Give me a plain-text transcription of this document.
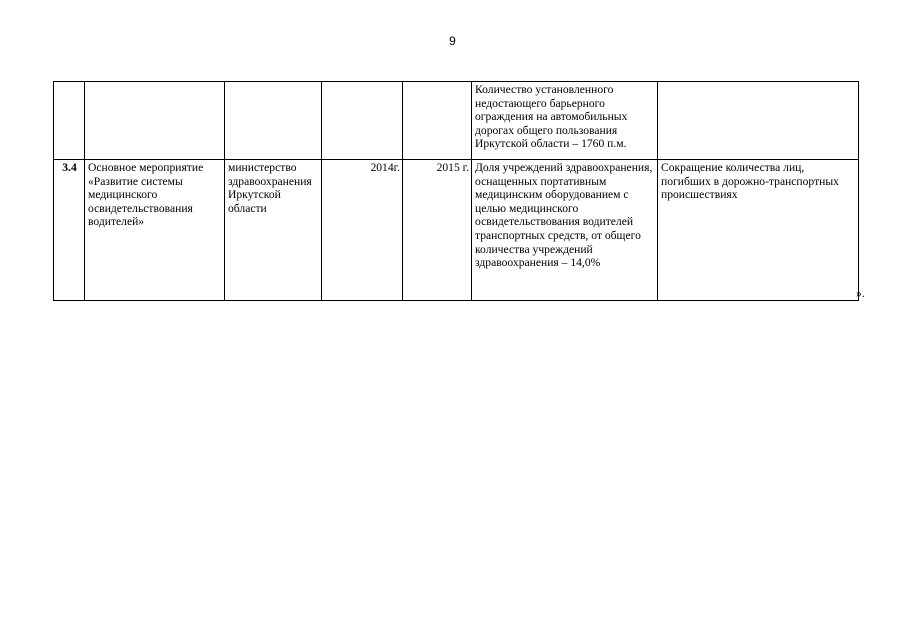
9
					Количество установленного недостающего барьерного ограждения на автомобильных дорогах общего пользования Иркутской области – 1760 п.м.	
3.4	Основное мероприятие «Развитие системы медицинского освидетельствования водителей»	министерство здравоохранения Иркутской области	2014г.	2015 г.	Доля учреждений здравоохранения, оснащенных портативным медицинским оборудованием с целью медицинского освидетельствования водителей транспортных средств, от общего количества учреждений здравоохранения – 14,0%	Сокращение количества лиц, погибших в дорожно-транспортных происшествиях
».
